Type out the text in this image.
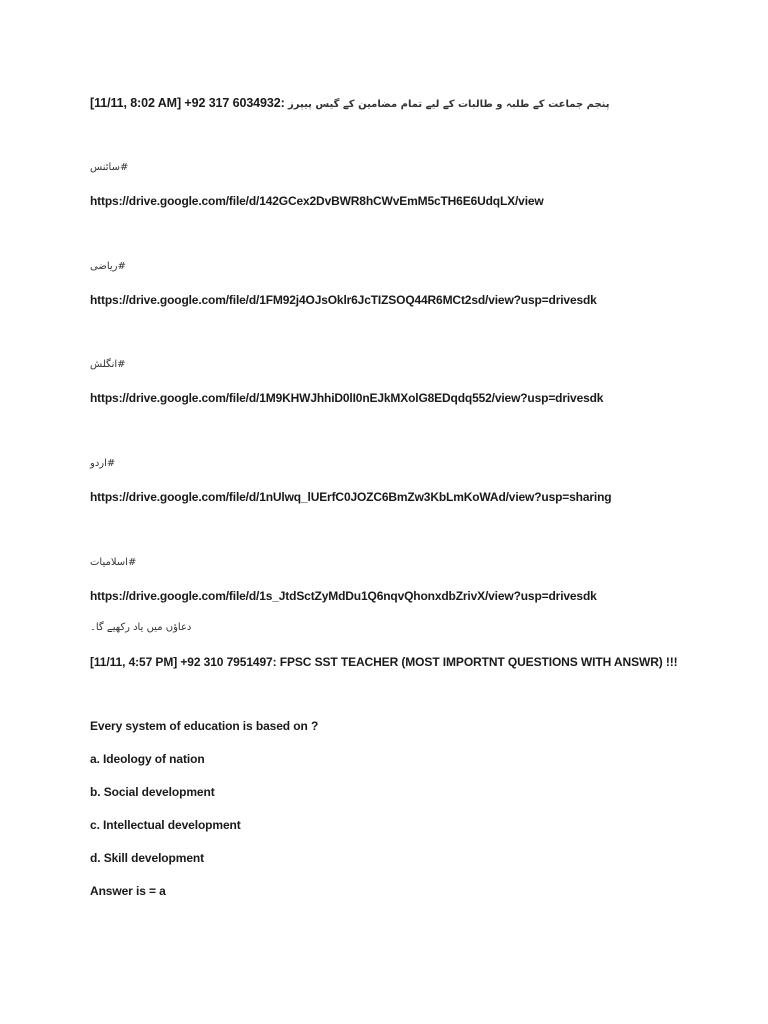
[11/11, 8:02 AM] +92 317 6034932: پنجم جماعت کے طلبہ و طالبات کے لیے تمام مضامین کے گیس پیپرز
#سائنس
https://drive.google.com/file/d/142GCex2DvBWR8hCWvEmM5cTH6E6UdqLX/view
#ریاضی
https://drive.google.com/file/d/1FM92j4OJsOklr6JcTIZSOQ44R6MCt2sd/view?usp=drivesdk
#انگلش
https://drive.google.com/file/d/1M9KHWJhhiD0lI0nEJkMXolG8EDqdq552/view?usp=drivesdk
#اردو
https://drive.google.com/file/d/1nUlwq_lUErfC0JOZC6BmZw3KbLmKoWAd/view?usp=sharing
#اسلامیات
https://drive.google.com/file/d/1s_JtdSctZyMdDu1Q6nqvQhonxdbZrivX/view?usp=drivesdk
دعاؤں میں یاد رکھیے گا۔
[11/11, 4:57 PM] +92 310 7951497: FPSC SST TEACHER (MOST IMPORTNT QUESTIONS WITH ANSWR) !!!
Every system of education is based on ?
a. Ideology of nation
b. Social development
c. Intellectual development
d. Skill development
Answer is = a
